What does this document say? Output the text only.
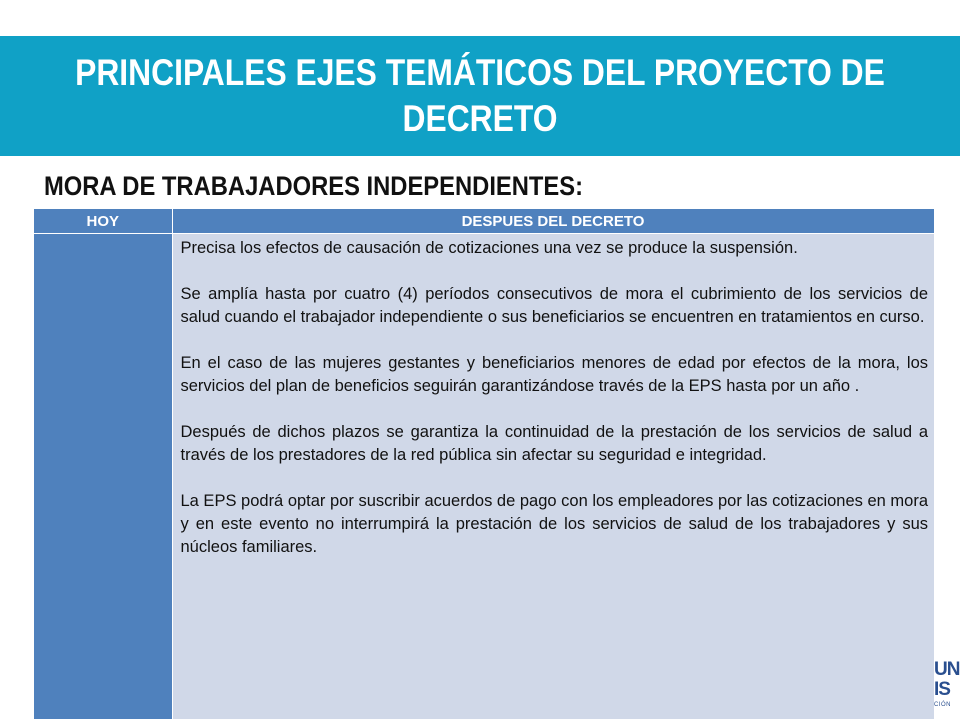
PRINCIPALES EJES TEMÁTICOS DEL PROYECTO DE DECRETO
MORA DE TRABAJADORES INDEPENDIENTES:
HOY	DESPUES DEL DECRETO

	Precisa los efectos de causación de cotizaciones una vez se produce la suspensión.

Se amplía hasta por cuatro (4) períodos consecutivos de mora el cubrimiento de los servicios de salud cuando el trabajador independiente o sus beneficiarios se encuentren en tratamientos en curso.

En el caso de las mujeres gestantes y beneficiarios menores de edad por efectos de la mora, los servicios del plan de beneficios seguirán garantizándose través de la EPS hasta por un año .

Después de dichos plazos se garantiza la continuidad de la prestación de los servicios de salud a través de los prestadores de la red pública sin afectar su seguridad e integridad.

La EPS podrá optar por suscribir acuerdos de pago con los empleadores por las cotizaciones en mora y en este evento no interrumpirá la prestación de los servicios de salud de los trabajadores y sus núcleos familiares.

UN
IS
CIÓN
